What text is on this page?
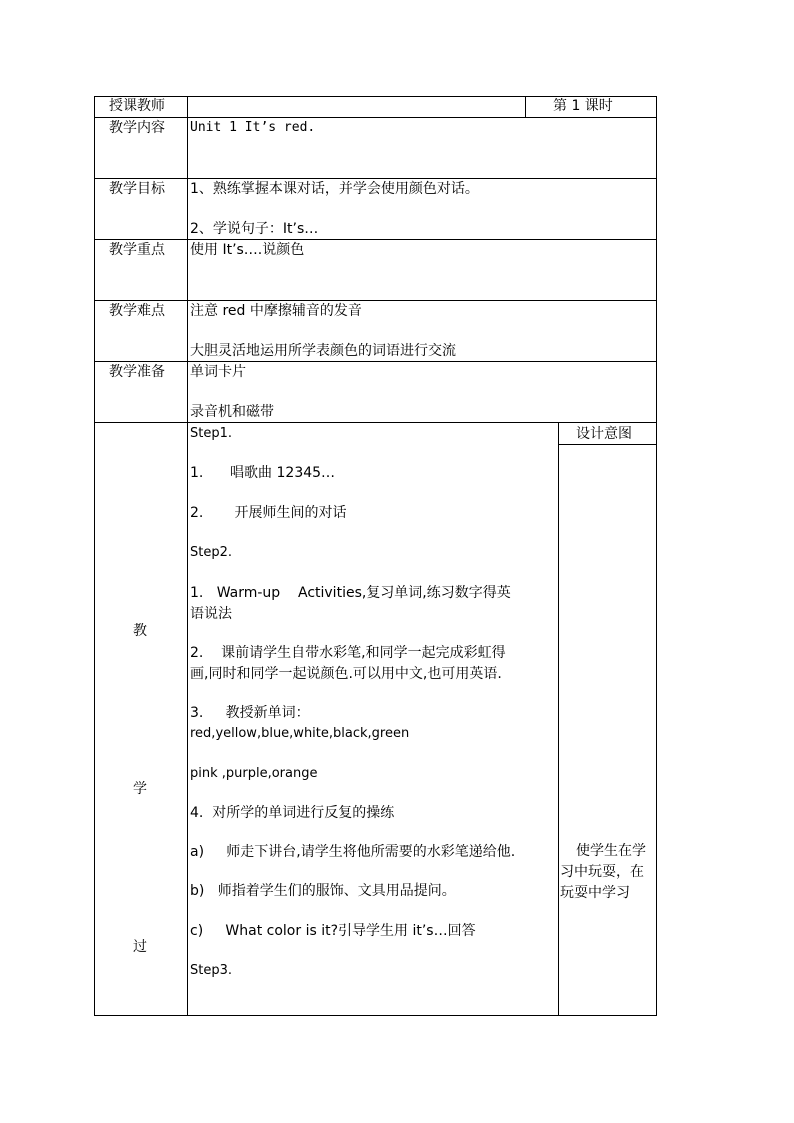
授课教师	第 1 课时
教学内容 Unit 1 It’s red.
教学目标 1、熟练掌握本课对话，并学会使用颜色对话。
2、学说句子：It’s…
教学重点 使用 It’s….说颜色
教学难点 注意 red 中摩擦辅音的发音
大胆灵活地运用所学表颜色的词语进行交流
教学准备 单词卡片
录音机和磁带
教
学
过
设计意图
使学生在学习中玩耍，在玩耍中学习
Step1.
1.      唱歌曲 12345…
2.       开展师生间的对话
Step2.
1.   Warm-up    Activities,复习单词,练习数字得英
语说法
2.    课前请学生自带水彩笔,和同学一起完成彩虹得
画,同时和同学一起说颜色.可以用中文,也可用英语.
3.     教授新单词：
red,yellow,blue,white,black,green
pink ,purple,orange
4.  对所学的单词进行反复的操练
a)     师走下讲台,请学生将他所需要的水彩笔递给他.
b)   师指着学生们的服饰、文具用品提问。
c)     What color is it?引导学生用 it’s…回答
Step3.
